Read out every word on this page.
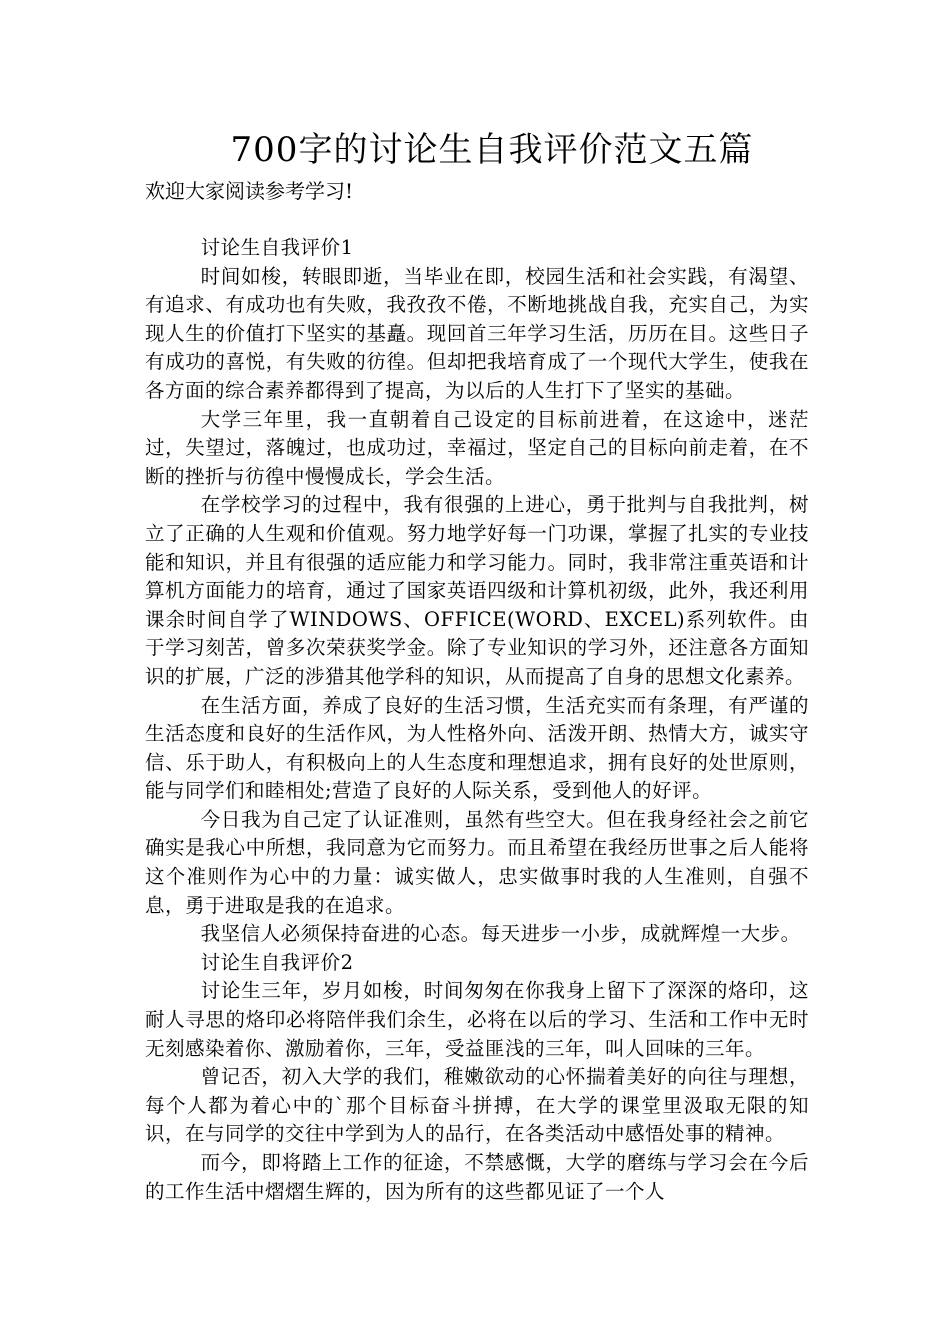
700字的讨论生自我评价范文五篇

欢迎大家阅读参考学习!

讨论生自我评价1

时间如梭，转眼即逝，当毕业在即，校园生活和社会实践，有渴望、有追求、有成功也有失败，我孜孜不倦，不断地挑战自我，充实自己，为实现人生的价值打下坚实的基矗。现回首三年学习生活，历历在目。这些日子有成功的喜悦，有失败的彷徨。但却把我培育成了一个现代大学生，使我在各方面的综合素养都得到了提高，为以后的人生打下了坚实的基础。

大学三年里，我一直朝着自己设定的目标前进着，在这途中，迷茫过，失望过，落魄过，也成功过，幸福过，坚定自己的目标向前走着，在不断的挫折与彷徨中慢慢成长，学会生活。

在学校学习的过程中，我有很强的上进心，勇于批判与自我批判，树立了正确的人生观和价值观。努力地学好每一门功课，掌握了扎实的专业技能和知识，并且有很强的适应能力和学习能力。同时，我非常注重英语和计算机方面能力的培育，通过了国家英语四级和计算机初级，此外，我还利用课余时间自学了WINDOWS、OFFICE(WORD、EXCEL)系列软件。由于学习刻苦，曾多次荣获奖学金。除了专业知识的学习外，还注意各方面知识的扩展，广泛的涉猎其他学科的知识，从而提高了自身的思想文化素养。

在生活方面，养成了良好的生活习惯，生活充实而有条理，有严谨的生活态度和良好的生活作风，为人性格外向、活泼开朗、热情大方，诚实守信、乐于助人，有积极向上的人生态度和理想追求，拥有良好的处世原则，能与同学们和睦相处;营造了良好的人际关系，受到他人的好评。

今日我为自己定了认证准则，虽然有些空大。但在我身经社会之前它确实是我心中所想，我同意为它而努力。而且希望在我经历世事之后人能将这个准则作为心中的力量：诚实做人，忠实做事时我的人生准则，自强不息，勇于进取是我的在追求。

我坚信人必须保持奋进的心态。每天进步一小步，成就辉煌一大步。

讨论生自我评价2

讨论生三年，岁月如梭，时间匆匆在你我身上留下了深深的烙印，这耐人寻思的烙印必将陪伴我们余生，必将在以后的学习、生活和工作中无时无刻感染着你、激励着你，三年，受益匪浅的三年，叫人回味的三年。

曾记否，初入大学的我们，稚嫩欲动的心怀揣着美好的向往与理想，每个人都为着心中的`那个目标奋斗拼搏，在大学的课堂里汲取无限的知识，在与同学的交往中学到为人的品行，在各类活动中感悟处事的精神。

而今，即将踏上工作的征途，不禁感慨，大学的磨练与学习会在今后的工作生活中熠熠生辉的，因为所有的这些都见证了一个人
